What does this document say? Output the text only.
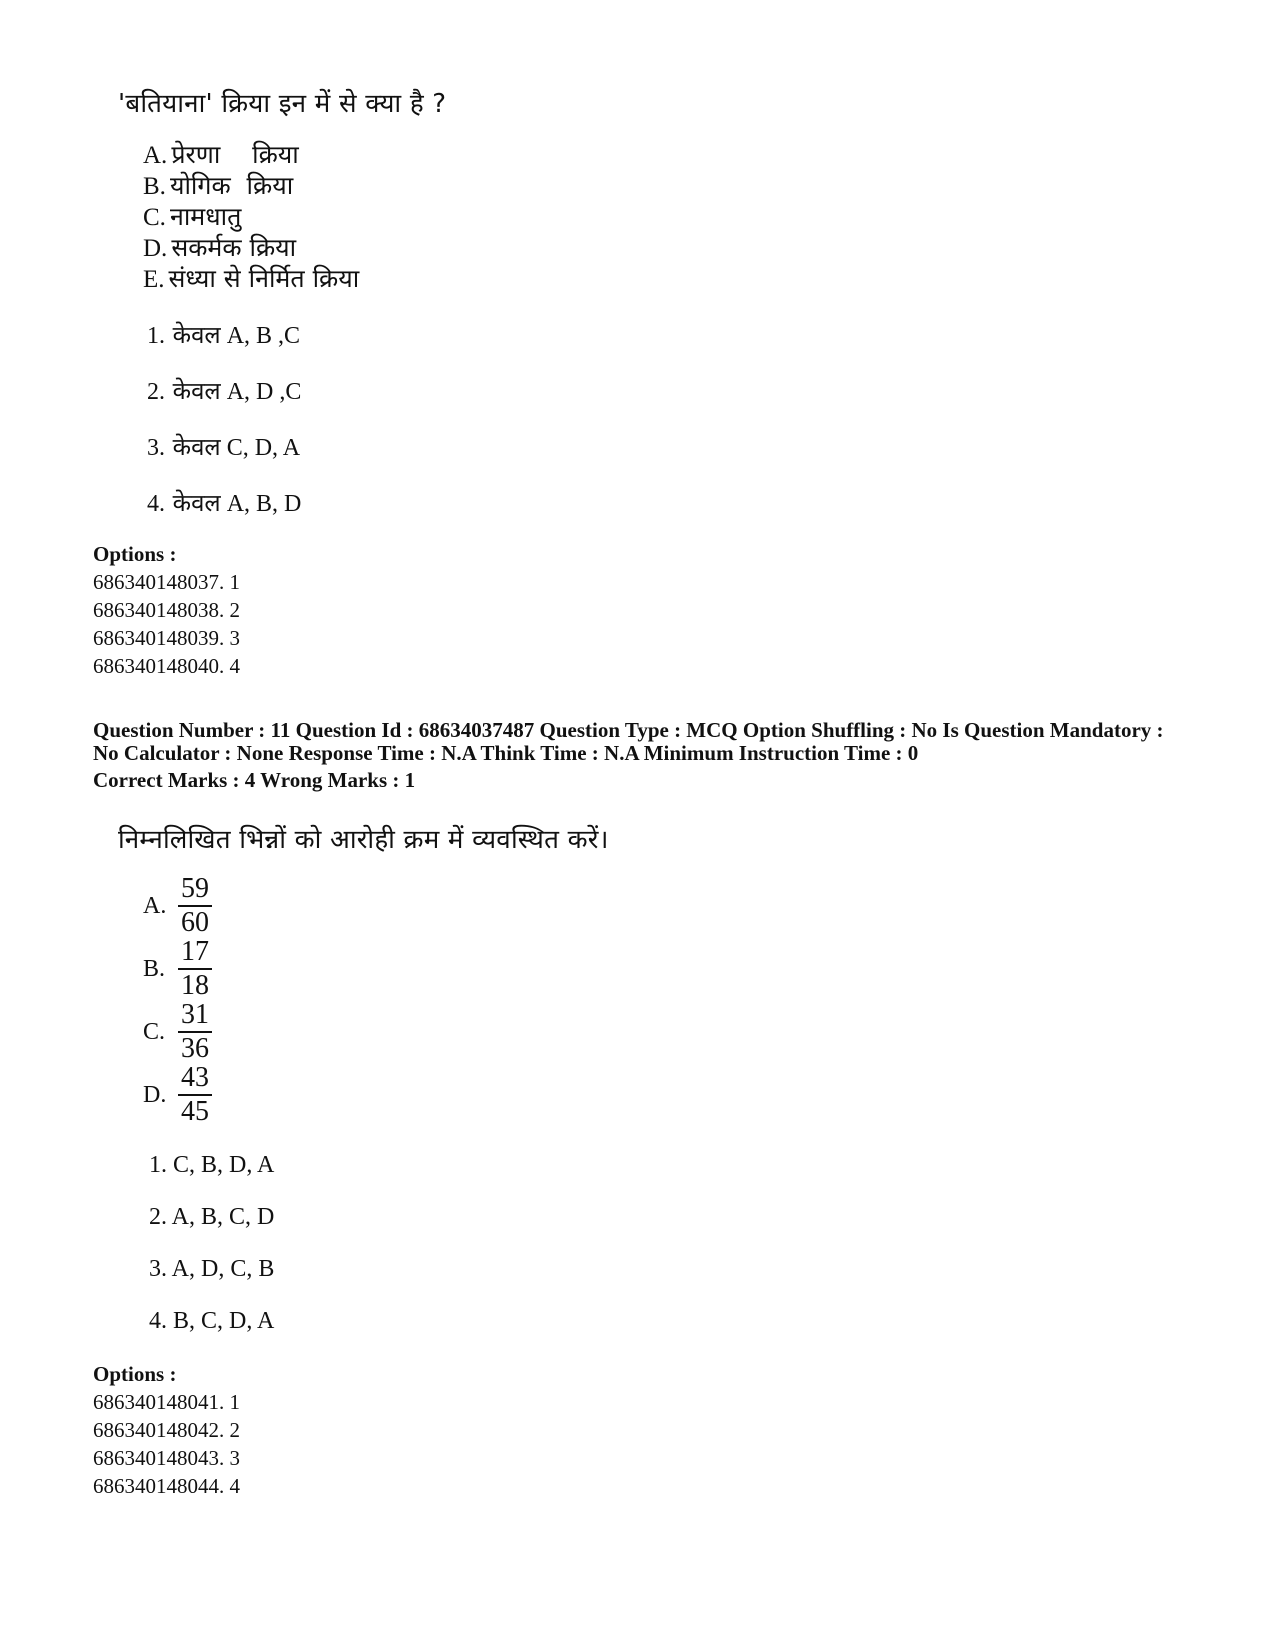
'बतियाना' क्रिया इन में से क्या है ?
A. प्रेरणा    क्रिया
B. योगिक  क्रिया
C. नामधातु
D. सकर्मक क्रिया
E. संध्या से निर्मित क्रिया
1. केवल A, B ,C
2. केवल A, D ,C
3. केवल C, D, A
4. केवल A, B, D
Options :
686340148037. 1
686340148038. 2
686340148039. 3
686340148040. 4
Question Number : 11 Question Id : 68634037487 Question Type : MCQ Option Shuffling : No Is Question Mandatory :
No Calculator : None Response Time : N.A Think Time : N.A Minimum Instruction Time : 0
Correct Marks : 4 Wrong Marks : 1
निम्नलिखित भिन्नों को आरोही क्रम में व्यवस्थित करें।
A. $\frac{59}{60}$
B. $\frac{17}{18}$
C. $\frac{31}{36}$
D. $\frac{43}{45}$
1. C, B, D, A
2. A, B, C, D
3. A, D, C, B
4. B, C, D, A
Options :
686340148041. 1
686340148042. 2
686340148043. 3
686340148044. 4
